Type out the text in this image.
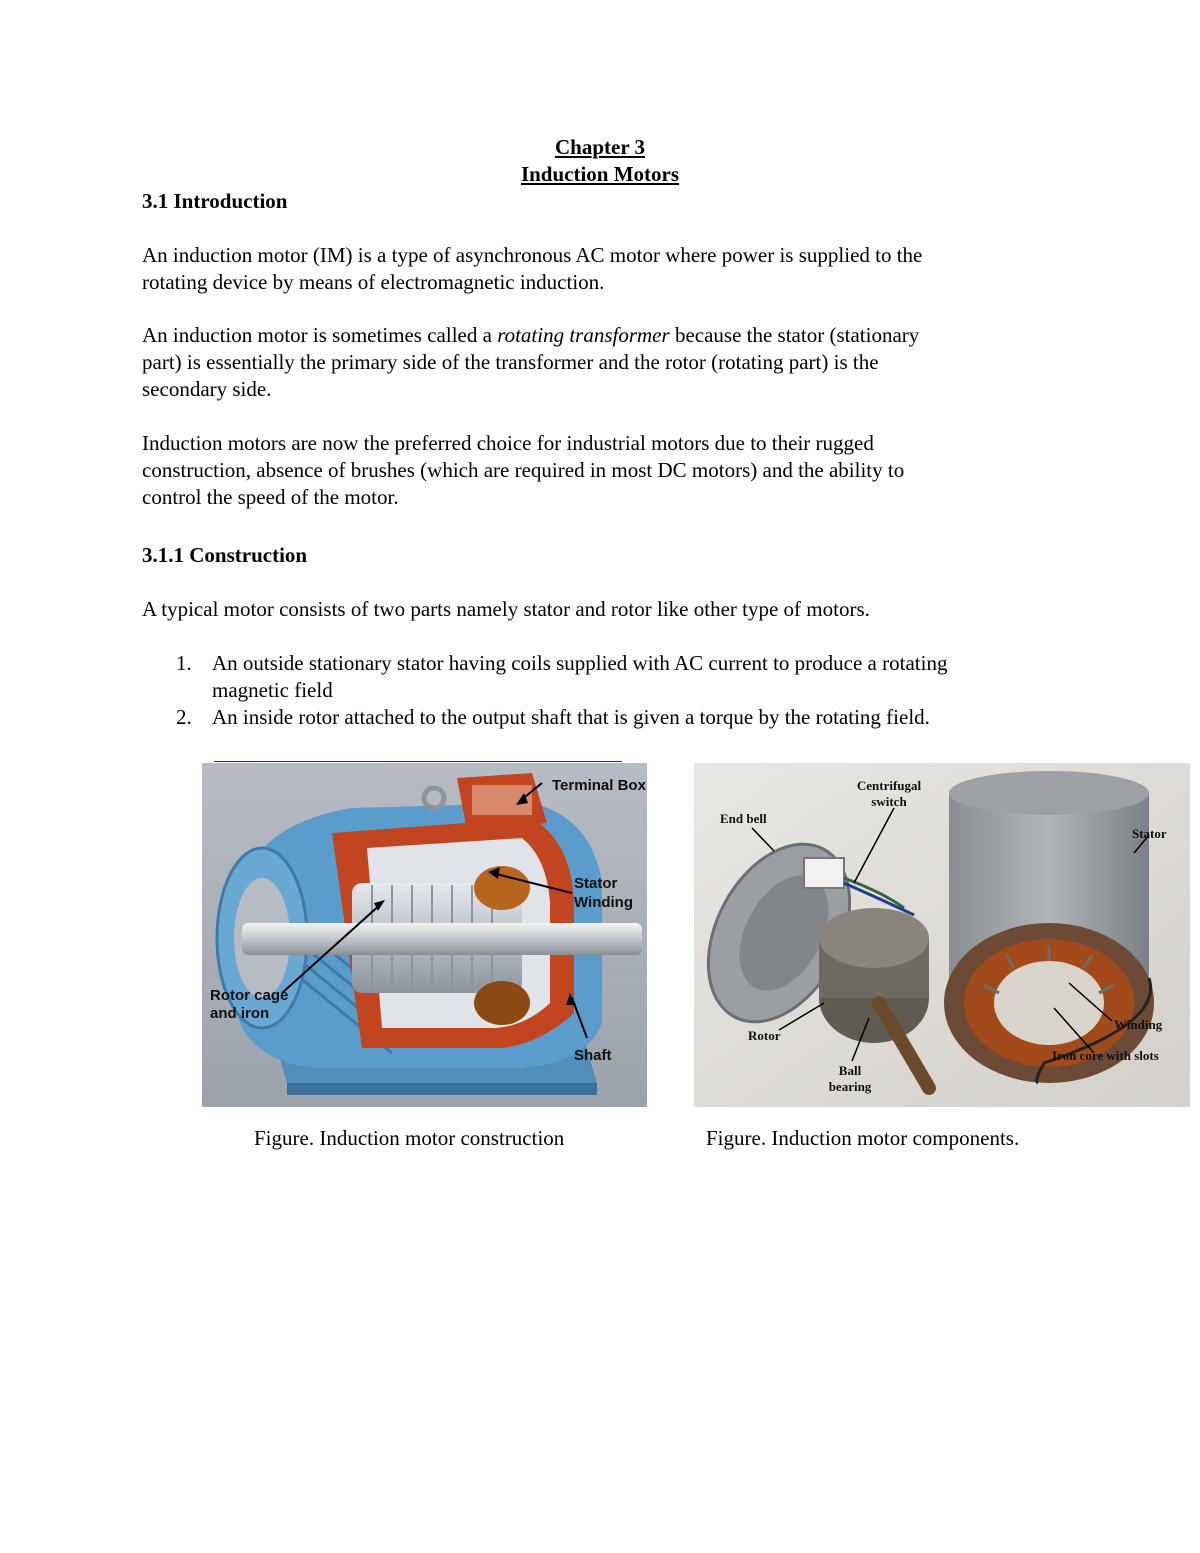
Chapter 3
Induction Motors
3.1 Introduction
An induction motor (IM) is a type of asynchronous AC motor where power is supplied to the
rotating device by means of electromagnetic induction.
An induction motor is sometimes called a rotating transformer because the stator (stationary
part) is essentially the primary side of the transformer and the rotor (rotating part) is the
secondary side.
Induction motors are now the preferred choice for industrial motors due to their rugged
construction, absence of brushes (which are required in most DC motors) and the ability to
control the speed of the motor.
3.1.1 Construction
A typical motor consists of two parts namely stator and rotor like other type of motors.
1. An outside stationary stator having coils supplied with AC current to produce a rotating
magnetic field
2. An inside rotor attached to the output shaft that is given a torque by the rotating field.
Terminal Box
Stator
Winding
Rotor cage
and iron
Shaft
Centrifugal
switch
End bell
Stator
Rotor
Winding
Iron core with slots
Ball
bearing
Figure. Induction motor construction	Figure. Induction motor components.
